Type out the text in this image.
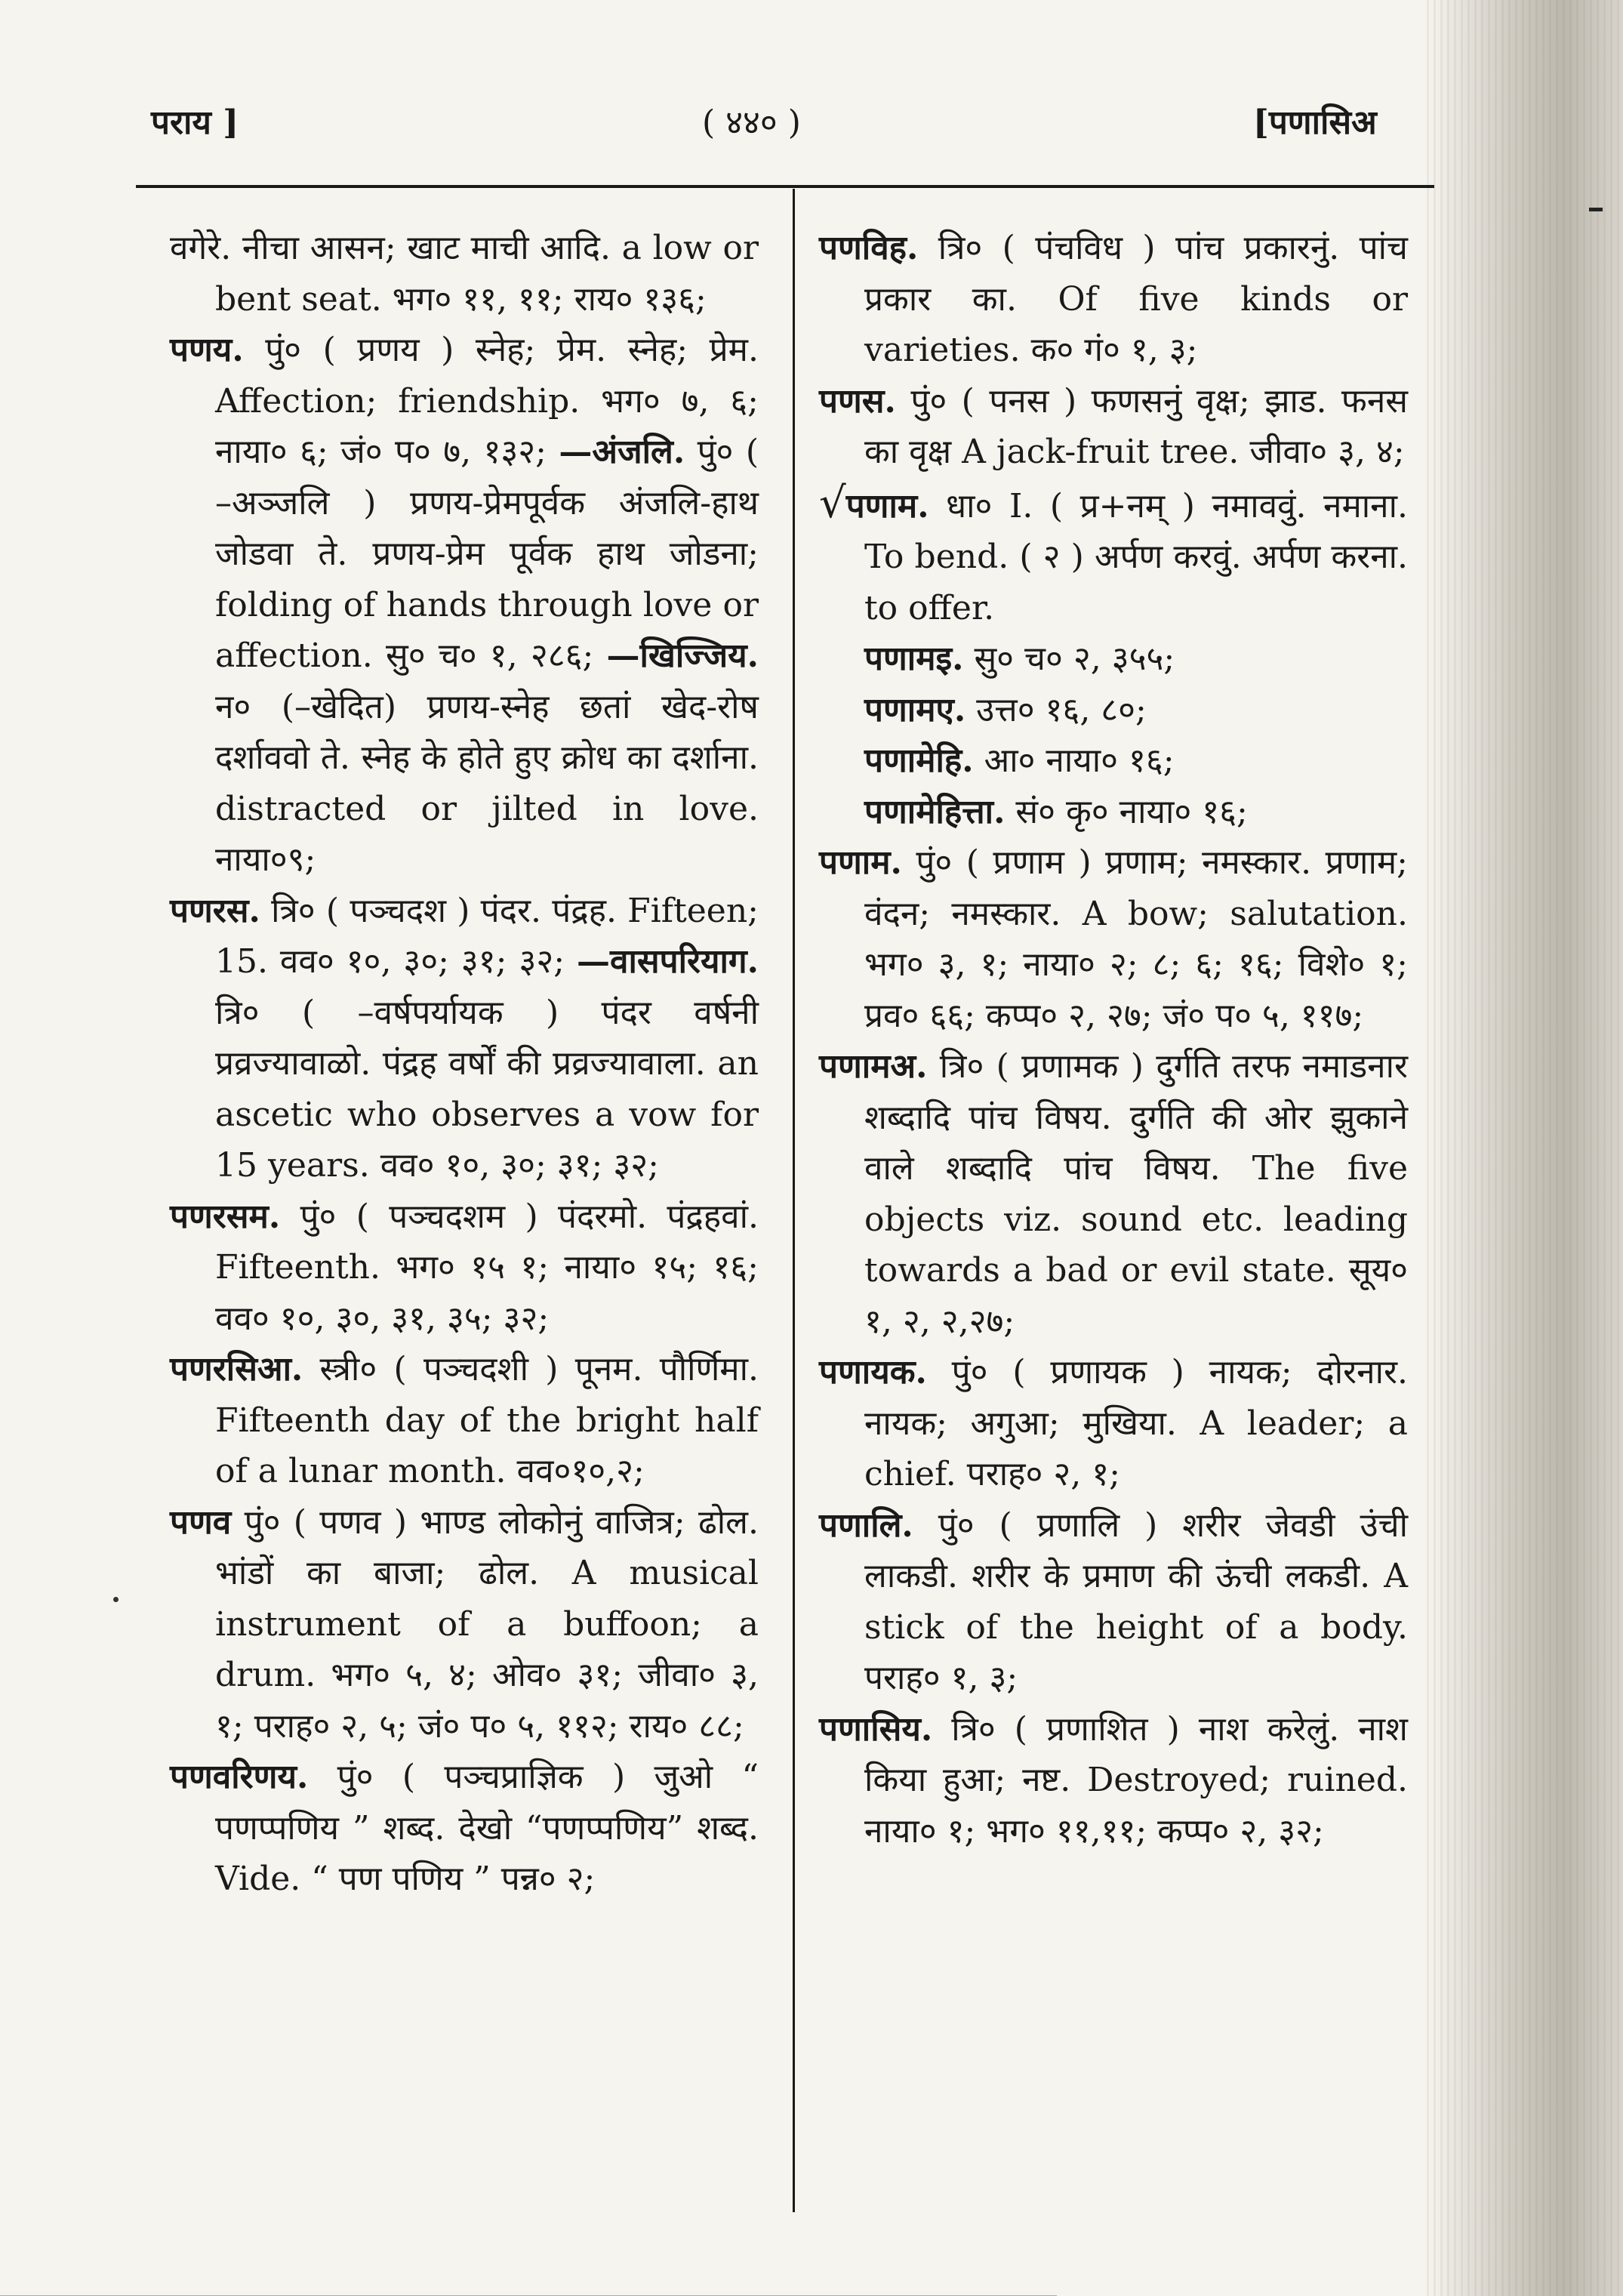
पराय ]	( ४४० )	[पणासिअ

वगेरे. नीचा आसन; खाट माची आदि. a low or bent seat. भग० ११, ११; राय० १३६;

पणय. पुं० ( प्रणय ) स्नेह; प्रेम. स्नेह; प्रेम. Affection; friendship. भग० ७, ६; नाया० ६; जं० प० ७, १३२; —अंजलि. पुं० ( –अञ्जलि ) प्रणय-प्रेमपूर्वक अंजलि-हाथ जोडवा ते. प्रणय-प्रेम पूर्वक हाथ जोडना; folding of hands through love or affection. सु० च० १, २८६; —खिज्जिय. न० (–खेदित) प्रणय-स्नेह छतां खेद-रोष दर्शाववो ते. स्नेह के होते हुए क्रोध का दर्शाना. distracted or jilted in love. नाया०९;

पणरस. त्रि० ( पञ्चदश ) पंदर. पंद्रह. Fifteen; 15. वव० १०, ३०; ३१; ३२; —वासपरियाग. त्रि० ( –वर्षपर्यायक ) पंदर वर्षनी प्रव्रज्यावाळो. पंद्रह वर्षों की प्रव्रज्यावाला. an ascetic who observes a vow for 15 years. वव० १०, ३०; ३१; ३२;

पणरसम. पुं० ( पञ्चदशम ) पंदरमो. पंद्रहवां. Fifteenth. भग० १५ १; नाया० १५; १६; वव० १०, ३०, ३१, ३५; ३२;

पणरसिआ. स्त्री० ( पञ्चदशी ) पूनम. पौर्णिमा. Fifteenth day of the bright half of a lunar month. वव०१०,२;

पणव पुं० ( पणव ) भाण्ड लोकोनुं वाजित्र; ढोल. भांडों का बाजा; ढोल. A musical instrument of a buffoon; a drum. भग० ५, ४; ओव० ३१; जीवा० ३, १; पराह० २, ५; जं० प० ५, ११२; राय० ८८;

पणवरिणय. पुं० ( पञ्चप्राज्ञिक ) जुओ “ पणप्पणिय ” शब्द. देखो “पणप्पणिय” शब्द. Vide. “ पण पणिय ” पन्न० २;

पणविह. त्रि० ( पंचविध ) पांच प्रकारनुं. पांच प्रकार का. Of five kinds or varieties. क० गं० १, ३;

पणस. पुं० ( पनस ) फणसनुं वृक्ष; झाड. फनस का वृक्ष A jack-fruit tree. जीवा० ३, ४;

√पणाम. धा० I. ( प्र+नम् ) नमाववुं. नमाना. To bend. ( २ ) अर्पण करवुं. अर्पण करना. to offer.

पणामइ. सु० च० २, ३५५;

पणामए. उत्त० १६, ८०;

पणामेहि. आ० नाया० १६;

पणामेहित्ता. सं० कृ० नाया० १६;

पणाम. पुं० ( प्रणाम ) प्रणाम; नमस्कार. प्रणाम; वंदन; नमस्कार. A bow; salutation. भग० ३, १; नाया० २; ८; ६; १६; विशे० १; प्रव० ६६; कप्प० २, २७; जं० प० ५, ११७;

पणामअ. त्रि० ( प्रणामक ) दुर्गति तरफ नमाडनार शब्दादि पांच विषय. दुर्गति की ओर झुकाने वाले शब्दादि पांच विषय. The five objects viz. sound etc. leading towards a bad or evil state. सूय० १, २, २,२७;

पणायक. पुं० ( प्रणायक ) नायक; दोरनार. नायक; अगुआ; मुखिया. A leader; a chief. पराह० २, १;

पणालि. पुं० ( प्रणालि ) शरीर जेवडी उंची लाकडी. शरीर के प्रमाण की ऊंची लकडी. A stick of the height of a body. पराह० १, ३;

पणासिय. त्रि० ( प्रणाशित ) नाश करेलुं. नाश किया हुआ; नष्ट. Destroyed; ruined. नाया० १; भग० ११,११; कप्प० २, ३२;
